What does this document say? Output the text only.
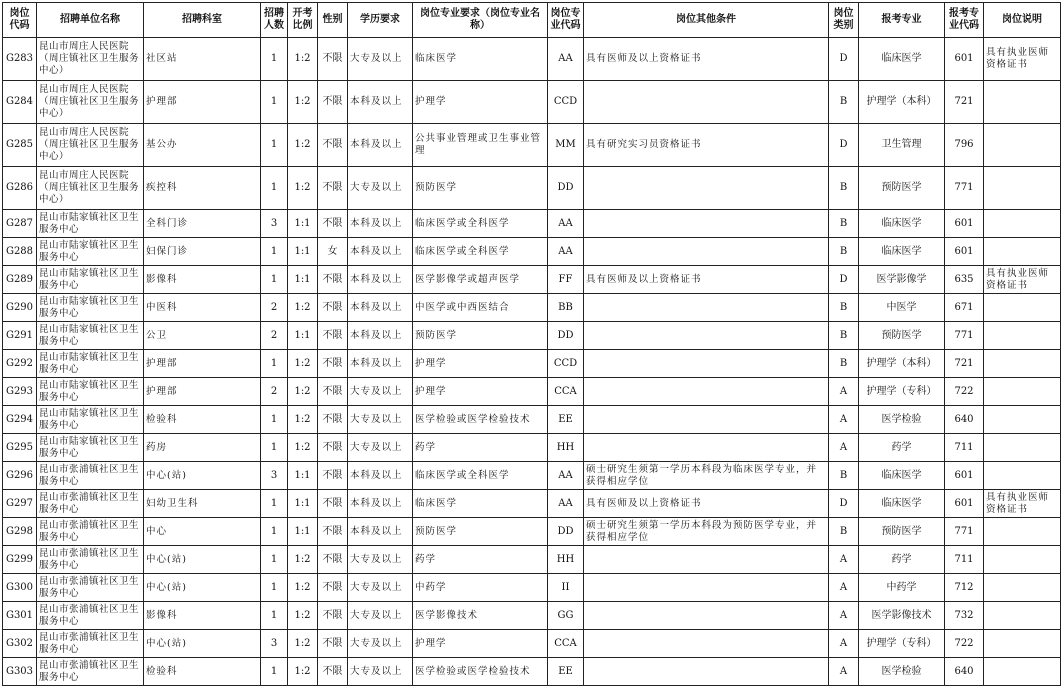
岗位代码	招聘单位名称	招聘科室	招聘人数	开考比例	性别	学历要求	岗位专业要求（岗位专业名称）	岗位专业代码	岗位其他条件	岗位类别	报考专业	报考专业代码	岗位说明
G283	昆山市周庄人民医院（周庄镇社区卫生服务中心）	社区站	1	1:2	不限	大专及以上	临床医学	AA	具有医师及以上资格证书	D	临床医学	601	具有执业医师资格证书
G284	昆山市周庄人民医院（周庄镇社区卫生服务中心）	护理部	1	1:2	不限	本科及以上	护理学	CCD		B	护理学（本科）	721	
G285	昆山市周庄人民医院（周庄镇社区卫生服务中心）	基公办	1	1:2	不限	本科及以上	公共事业管理或卫生事业管理	MM	具有研究实习员资格证书	D	卫生管理	796	
G286	昆山市周庄人民医院（周庄镇社区卫生服务中心）	疾控科	1	1:2	不限	大专及以上	预防医学	DD		B	预防医学	771	
G287	昆山市陆家镇社区卫生服务中心	全科门诊	3	1:1	不限	本科及以上	临床医学或全科医学	AA		B	临床医学	601	
G288	昆山市陆家镇社区卫生服务中心	妇保门诊	1	1:1	女	本科及以上	临床医学或全科医学	AA		B	临床医学	601	
G289	昆山市陆家镇社区卫生服务中心	影像科	1	1:1	不限	本科及以上	医学影像学或超声医学	FF	具有医师及以上资格证书	D	医学影像学	635	具有执业医师资格证书
G290	昆山市陆家镇社区卫生服务中心	中医科	2	1:2	不限	本科及以上	中医学或中西医结合	BB		B	中医学	671	
G291	昆山市陆家镇社区卫生服务中心	公卫	2	1:1	不限	本科及以上	预防医学	DD		B	预防医学	771	
G292	昆山市陆家镇社区卫生服务中心	护理部	1	1:2	不限	本科及以上	护理学	CCD		B	护理学（本科）	721	
G293	昆山市陆家镇社区卫生服务中心	护理部	2	1:2	不限	大专及以上	护理学	CCA		A	护理学（专科）	722	
G294	昆山市陆家镇社区卫生服务中心	检验科	1	1:2	不限	大专及以上	医学检验或医学检验技术	EE		A	医学检验	640	
G295	昆山市陆家镇社区卫生服务中心	药房	1	1:2	不限	大专及以上	药学	HH		A	药学	711	
G296	昆山市张浦镇社区卫生服务中心	中心(站)	3	1:1	不限	本科及以上	临床医学或全科医学	AA	硕士研究生须第一学历本科段为临床医学专业，并获得相应学位	B	临床医学	601	
G297	昆山市张浦镇社区卫生服务中心	妇幼卫生科	1	1:1	不限	本科及以上	临床医学	AA	具有医师及以上资格证书	D	临床医学	601	具有执业医师资格证书
G298	昆山市张浦镇社区卫生服务中心	中心	1	1:1	不限	本科及以上	预防医学	DD	硕士研究生须第一学历本科段为预防医学专业，并获得相应学位	B	预防医学	771	
G299	昆山市张浦镇社区卫生服务中心	中心(站)	1	1:2	不限	大专及以上	药学	HH		A	药学	711	
G300	昆山市张浦镇社区卫生服务中心	中心(站)	1	1:2	不限	大专及以上	中药学	II		A	中药学	712	
G301	昆山市张浦镇社区卫生服务中心	影像科	1	1:2	不限	大专及以上	医学影像技术	GG		A	医学影像技术	732	
G302	昆山市张浦镇社区卫生服务中心	中心(站)	3	1:2	不限	大专及以上	护理学	CCA		A	护理学（专科）	722	
G303	昆山市张浦镇社区卫生服务中心	检验科	1	1:2	不限	大专及以上	医学检验或医学检验技术	EE		A	医学检验	640	
